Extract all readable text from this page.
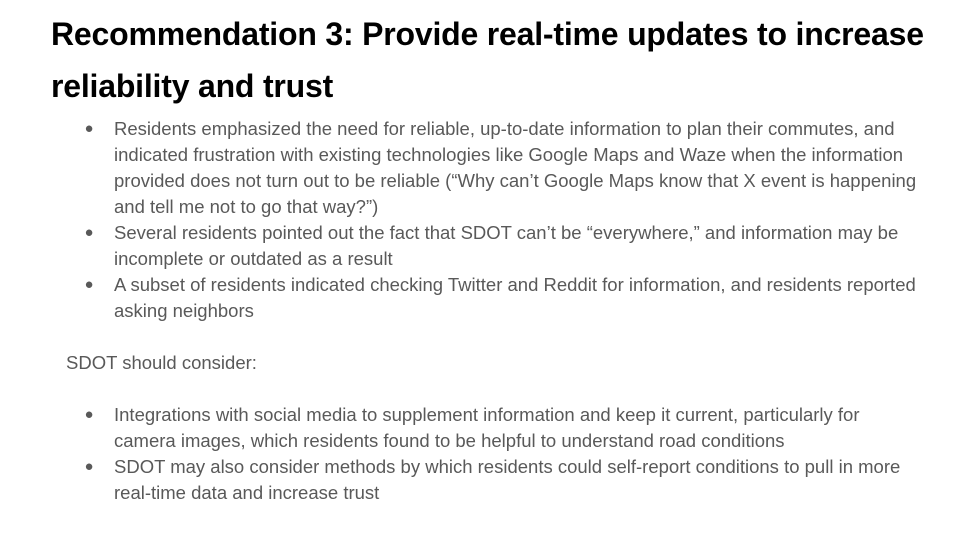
Recommendation 3: Provide real-time updates to increase reliability and trust
● Residents emphasized the need for reliable, up-to-date information to plan their commutes, and indicated frustration with existing technologies like Google Maps and Waze when the information provided does not turn out to be reliable (“Why can’t Google Maps know that X event is happening and tell me not to go that way?”)
● Several residents pointed out the fact that SDOT can’t be “everywhere,” and information may be incomplete or outdated as a result
● A subset of residents indicated checking Twitter and Reddit for information, and residents reported asking neighbors

SDOT should consider:

● Integrations with social media to supplement information and keep it current, particularly for camera images, which residents found to be helpful to understand road conditions
● SDOT may also consider methods by which residents could self-report conditions to pull in more real-time data and increase trust
